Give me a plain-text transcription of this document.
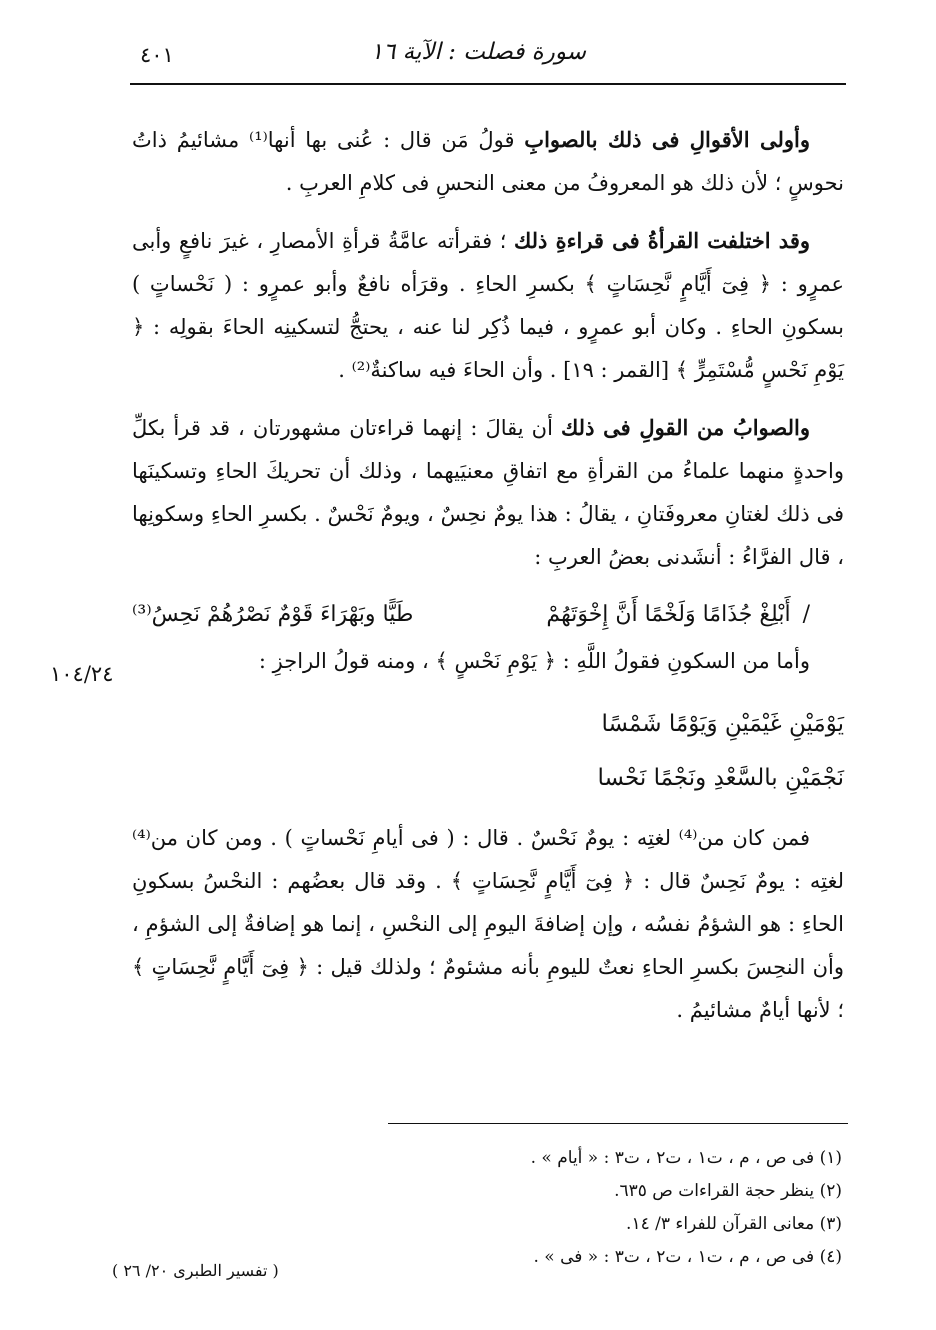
٤٠١	سورة فصلت : الآية ١٦

وأولى الأقوالِ فى ذلك بالصوابِ قولُ مَن قال : عُنى بها أنها⁽¹⁾ مشائيمُ ذاتُ نحوسٍ ؛ لأن ذلك هو المعروفُ من معنى النحسِ فى كلامِ العربِ .

وقد اختلفت القرأةُ فى قراءةِ ذلك ؛ فقرأته عامَّةُ قرأةِ الأمصارِ ، غيرَ نافعٍ وأبى عمرٍو : ﴿ فِىٓ أَيَّامٍ نَّحِسَاتٍ ﴾ بكسرِ الحاءِ . وقرَأه نافعٌ وأبو عمرٍو : ( نَحْساتٍ ) بسكونِ الحاءِ . وكان أبو عمرٍو ، فيما ذُكِر لنا عنه ، يحتجُّ لتسكينِه الحاءَ بقولِه : ﴿ يَوْمِ نَحْسٍ مُّسْتَمِرٍّ ﴾ [القمر : ١٩] . وأن الحاءَ فيه ساكنةٌ⁽²⁾ .

والصوابُ من القولِ فى ذلك أن يقالَ : إنهما قراءتان مشهورتان ، قد قرأ بكلِّ واحدةٍ منهما علماءُ من القرأةِ مع اتفاقِ معنيَيهما ، وذلك أن تحريكَ الحاءِ وتسكينَها فى ذلك لغتانِ معروفَتانِ ، يقالُ : هذا يومٌ نحِسٌ ، ويومٌ نَحْسٌ . بكسرِ الحاءِ وسكونِها ، قال الفرَّاءُ : أنشَدنى بعضُ العربِ :

/أَبْلِغْ جُذَامًا وَلَخْمًا أَنَّ إِخْوَتَهُمْ
طَيًّا وبَهْرَاءَ قَوْمٌ نَصْرُهُمْ نَحِسُ⁽³⁾

وأما من السكونِ فقولُ اللَّهِ : ﴿ يَوْمِ نَحْسٍ ﴾ ، ومنه قولُ الراجزِ :

يَوْمَيْنِ غَيْمَيْنِ وَيَوْمًا شَمْسًا
نَجْمَيْنِ بالسَّعْدِ ونَجْمًا نَحْسا

فمن كان من⁽⁴⁾ لغتِه : يومٌ نَحْسٌ . قال : ( فى أيامِ نَحْساتٍ ) . ومن كان من⁽⁴⁾ لغتِه : يومٌ نَحِسٌ قال : ﴿ فِىٓ أَيَّامٍ نَّحِسَاتٍ ﴾ . وقد قال بعضُهم : النحْسُ بسكونِ الحاءِ : هو الشؤمُ نفسُه ، وإن إضافةَ اليومِ إلى النحْسِ ، إنما هو إضافةٌ إلى الشؤمِ ، وأن النحِسَ بكسرِ الحاءِ نعتٌ لليومِ بأنه مشئومٌ ؛ ولذلك قيل : ﴿ فِىٓ أَيَّامٍ نَّحِسَاتٍ ﴾ ؛ لأنها أيامٌ مشائيمُ .

١٠٤/٢٤

(١) فى ص ، م ، ت١ ، ت٢ ، ت٣ : « أيام » .

(٢) ينظر حجة القراءات ص ٦٣٥.

(٣) معانى القرآن للفراء ٣/ ١٤.

(٤) فى ص ، م ، ت١ ، ت٢ ، ت٣ : « فى » .

( تفسير الطبرى ٢٠/ ٢٦ )
